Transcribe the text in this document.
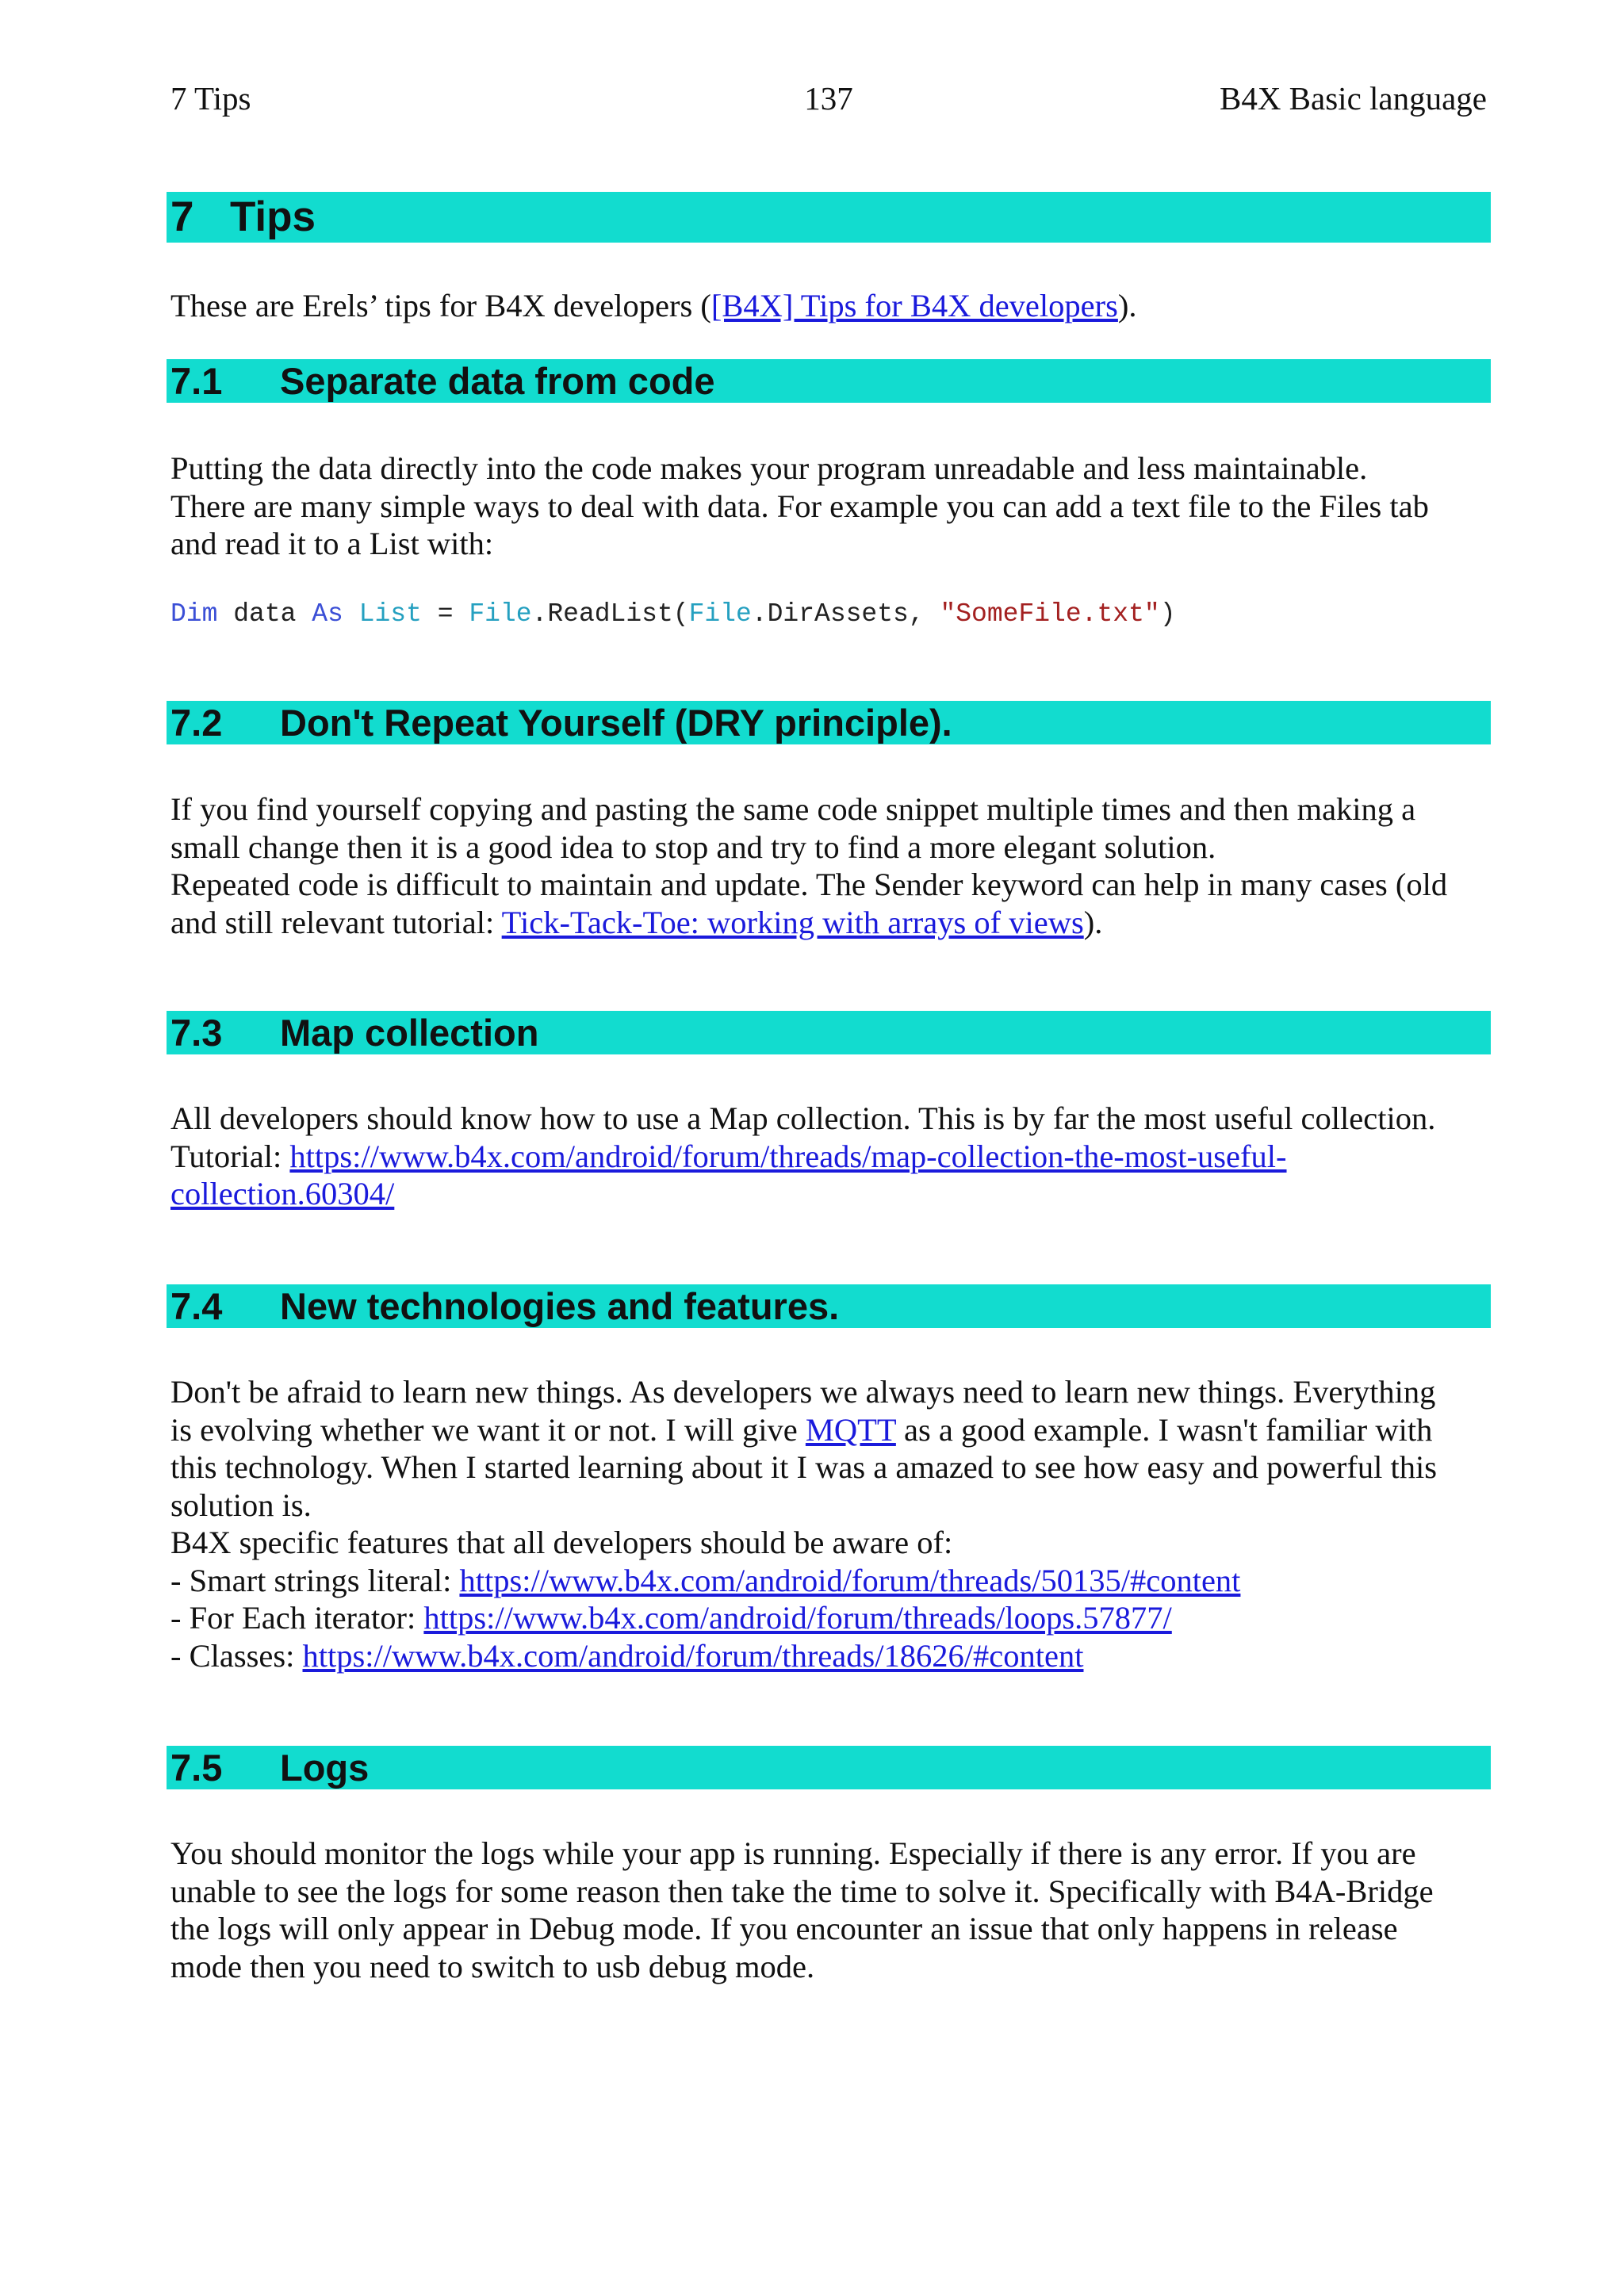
7 Tips	137	B4X Basic language
7 Tips

These are Erels’ tips for B4X developers ([B4X] Tips for B4X developers).

7.1 Separate data from code

Putting the data directly into the code makes your program unreadable and less maintainable.

There are many simple ways to deal with data. For example you can add a text file to the Files tab

and read it to a List with:

Dim data As List = File.ReadList(File.DirAssets, "SomeFile.txt")
7.2 Don't Repeat Yourself (DRY principle).

If you find yourself copying and pasting the same code snippet multiple times and then making a

small change then it is a good idea to stop and try to find a more elegant solution.

Repeated code is difficult to maintain and update. The Sender keyword can help in many cases (old

and still relevant tutorial: Tick-Tack-Toe: working with arrays of views).

7.3 Map collection

All developers should know how to use a Map collection. This is by far the most useful collection.

Tutorial: https://www.b4x.com/android/forum/threads/map-collection-the-most-useful-

collection.60304/

7.4 New technologies and features.

Don't be afraid to learn new things. As developers we always need to learn new things. Everything

is evolving whether we want it or not. I will give MQTT as a good example. I wasn't familiar with

this technology. When I started learning about it I was a amazed to see how easy and powerful this

solution is.

B4X specific features that all developers should be aware of:

- Smart strings literal: https://www.b4x.com/android/forum/threads/50135/#content

- For Each iterator: https://www.b4x.com/android/forum/threads/loops.57877/

- Classes: https://www.b4x.com/android/forum/threads/18626/#content

7.5 Logs

You should monitor the logs while your app is running. Especially if there is any error. If you are

unable to see the logs for some reason then take the time to solve it. Specifically with B4A-Bridge

the logs will only appear in Debug mode. If you encounter an issue that only happens in release

mode then you need to switch to usb debug mode.
